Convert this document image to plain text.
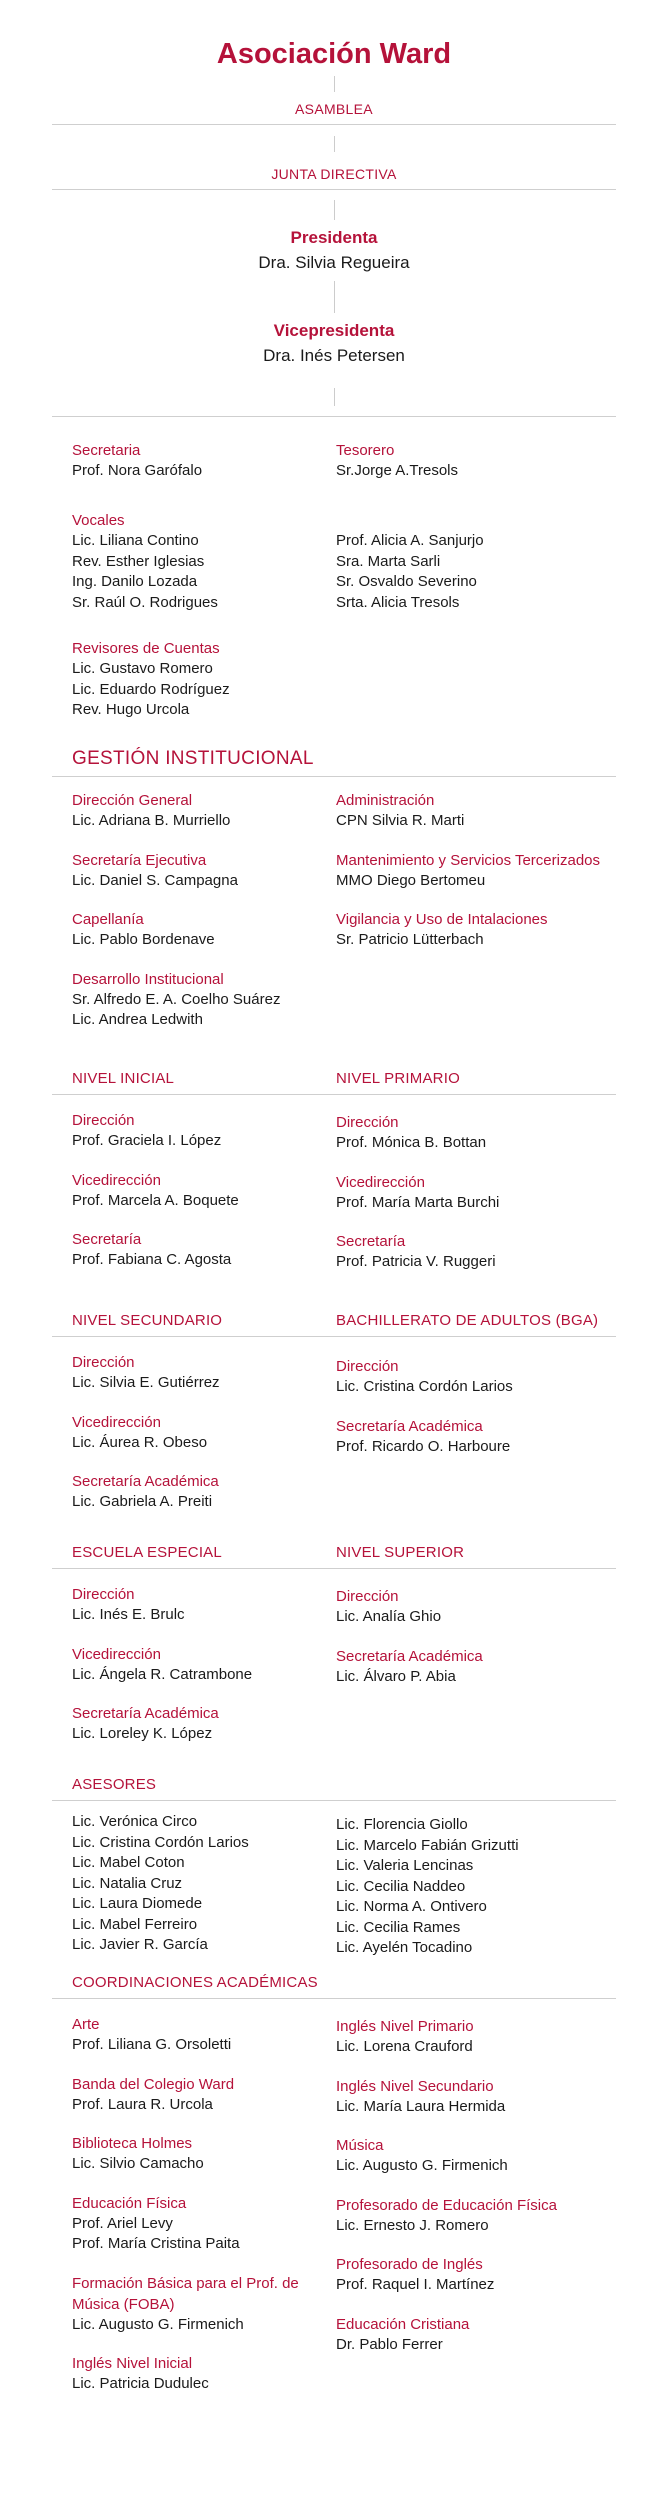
Asociación Ward
ASAMBLEA
JUNTA DIRECTIVA
Presidenta
Dra. Silvia Regueira
Vicepresidenta
Dra. Inés Petersen
Secretaria
Prof. Nora Garófalo
Tesorero
Sr.Jorge A.Tresols
Vocales
Lic. Liliana Contino
Rev. Esther Iglesias
Ing. Danilo Lozada
Sr. Raúl O. Rodrigues
Prof. Alicia A. Sanjurjo
Sra. Marta Sarli
Sr. Osvaldo Severino
Srta. Alicia Tresols
Revisores de Cuentas
Lic. Gustavo Romero
Lic. Eduardo Rodríguez
Rev. Hugo Urcola
GESTIÓN INSTITUCIONAL
Dirección General
Lic. Adriana B. Murriello
Secretaría Ejecutiva
Lic. Daniel S. Campagna
Capellanía
Lic. Pablo Bordenave
Desarrollo Institucional
Sr. Alfredo E. A. Coelho Suárez
Lic. Andrea Ledwith
Administración
CPN Silvia R. Marti
Mantenimiento y Servicios Tercerizados
MMO Diego Bertomeu
Vigilancia y Uso de Intalaciones
Sr. Patricio Lütterbach
NIVEL INICIAL	NIVEL PRIMARIO
Dirección
Prof. Graciela I. López
Vicedirección
Prof. Marcela A. Boquete
Secretaría
Prof. Fabiana C. Agosta
Dirección
Prof. Mónica B. Bottan
Vicedirección
Prof. María Marta Burchi
Secretaría
Prof. Patricia V. Ruggeri
NIVEL SECUNDARIO	BACHILLERATO DE ADULTOS (BGA)
Dirección
Lic. Silvia E. Gutiérrez
Vicedirección
Lic. Áurea R. Obeso
Secretaría Académica
Lic. Gabriela A. Preiti
Dirección
Lic. Cristina Cordón Larios
Secretaría Académica
Prof. Ricardo O. Harboure
ESCUELA ESPECIAL	NIVEL SUPERIOR
Dirección
Lic. Inés E. Brulc
Vicedirección
Lic. Ángela R. Catrambone
Secretaría Académica
Lic. Loreley K. López
Dirección
Lic. Analía Ghio
Secretaría Académica
Lic. Álvaro P. Abia
ASESORES
Lic. Verónica Circo
Lic. Cristina Cordón Larios
Lic. Mabel Coton
Lic. Natalia Cruz
Lic. Laura Diomede
Lic. Mabel Ferreiro
Lic. Javier R. García
Lic. Florencia Giollo
Lic. Marcelo Fabián Grizutti
Lic. Valeria Lencinas
Lic. Cecilia Naddeo
Lic. Norma A. Ontivero
Lic. Cecilia Rames
Lic. Ayelén Tocadino
COORDINACIONES ACADÉMICAS
Arte
Prof. Liliana G. Orsoletti
Banda del Colegio Ward
Prof. Laura R. Urcola
Biblioteca Holmes
Lic. Silvio Camacho
Educación Física
Prof. Ariel Levy
Prof. María Cristina Paita
Formación Básica para el Prof. de
Música (FOBA)
Lic. Augusto G. Firmenich
Inglés Nivel Inicial
Lic. Patricia Dudulec
Inglés Nivel Primario
Lic. Lorena Crauford
Inglés Nivel Secundario
Lic. María Laura Hermida
Música
Lic. Augusto G. Firmenich
Profesorado de Educación Física
Lic. Ernesto J. Romero
Profesorado de Inglés
Prof. Raquel I. Martínez
Educación Cristiana
Dr. Pablo Ferrer
